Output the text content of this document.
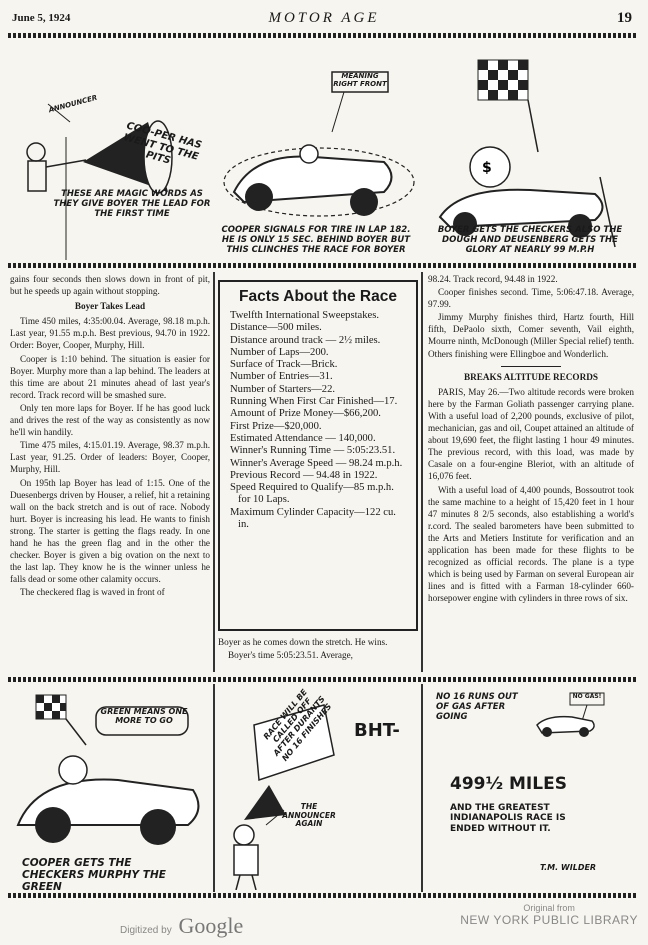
June 5, 1924	MOTOR AGE	19
ANNOUNCER
COO-PER HAS WENT TO THE PITS
THESE ARE MAGIC WORDS AS THEY GIVE BOYER THE LEAD FOR THE FIRST TIME
MEANING RIGHT FRONT
COOPER SIGNALS FOR TIRE IN LAP 182. HE IS ONLY 15 SEC. BEHIND BOYER BUT THIS CLINCHES THE RACE FOR BOYER
$
BOYER GETS THE CHECKERS ALSO THE DOUGH AND DEUSENBERG GETS THE GLORY AT NEARLY 99 M.P.H

gains four seconds then slows down in front of pit, but he speeds up again without stopping.

Boyer Takes Lead

Time 450 miles, 4:35:00.04. Average, 98.18 m.p.h. Last year, 91.55 m.p.h. Best previous, 94.70 in 1922. Order: Boyer, Cooper, Murphy, Hill.

Cooper is 1:10 behind. The situation is easier for Boyer. Murphy more than a lap behind. The leaders at this time are about 21 minutes ahead of last year's record. Track record will be smashed sure.

Only ten more laps for Boyer. If he has good luck and drives the rest of the way as consistently as now he'll win handily.

Time 475 miles, 4:15.01.19. Average, 98.37 m.p.h. Last year, 91.25. Order of leaders: Boyer, Cooper, Murphy, Hill.

On 195th lap Boyer has lead of 1:15. One of the Duesenbergs driven by Houser, a relief, hit a retaining wall on the back stretch and is out of race. Nobody hurt. Boyer is increasing his lead. He wants to finish strong. The starter is getting the flags ready. In one hand he has the green flag and in the other the checker. Boyer is given a big ovation on the next to the last lap. They know he is the winner unless he falls dead or some other calamity occurs.

The checkered flag is waved in front of

Facts About the Race
Twelfth International Sweepstakes.
Distance—500 miles.
Distance around track — 2½ miles.
Number of Laps—200.
Surface of Track—Brick.
Number of Entries—31.
Number of Starters—22.
Running When First Car Finished—17.
Amount of Prize Money—$66,200.
First Prize—$20,000.
Estimated Attendance — 140,000.
Winner's Running Time — 5:05:23.51.
Winner's Average Speed — 98.24 m.p.h.
Previous Record — 94.48 in 1922.
Speed Required to Qualify—85 m.p.h. for 10 Laps.
Maximum Cylinder Capacity—122 cu. in.

Boyer as he comes down the stretch. He wins.

Boyer's time 5:05:23.51. Average,

98.24. Track record, 94.48 in 1922.

Cooper finishes second. Time, 5:06:47.18. Average, 97.99.

Jimmy Murphy finishes third, Hartz fourth, Hill fifth, DePaolo sixth, Comer seventh, Vail eighth, Mourre ninth, McDonough (Miller Special relief) tenth. Others finishing were Ellingboe and Wonderlich.

BREAKS ALTITUDE RECORDS

PARIS, May 26.—Two altitude records were broken here by the Farman Goliath passenger carrying plane. With a useful load of 2,200 pounds, exclusive of pilot, mechanician, gas and oil, Coupet attained an altitude of about 19,690 feet, the flight lasting 1 hour 49 minutes. The previous record, with this load, was made by Casale on a four-engine Bleriot, with an altitude of 16,076 feet.

With a useful load of 4,400 pounds, Bossoutrot took the same machine to a height of 15,420 feet in 1 hour 47 minutes 8 2/5 seconds, also establishing a world's r.cord. The sealed barometers have been submitted to the Arts and Metiers Institute for verification and an application has been made for these flights to be recognized as official records. The plane is a type which is being used by Farman on several European air lines and is fitted with a Farman 18-cylinder 660-horsepower engine with cylinders in three rows of six.

GREEN MEANS ONE MORE TO GO
COOPER GETS THE CHECKERS MURPHY THE GREEN
RACE WILL BE CALLED OFF AFTER DURANTS NO 16 FINISHES
THE ANNOUNCER AGAIN
BHT-
NO 16 RUNS OUT OF GAS AFTER GOING
NO GAS!
499½ MILES
AND THE GREATEST INDIANAPOLIS RACE IS ENDED WITHOUT IT.
T.M. WILDER
Digitized by Google
Original from
NEW YORK PUBLIC LIBRARY
